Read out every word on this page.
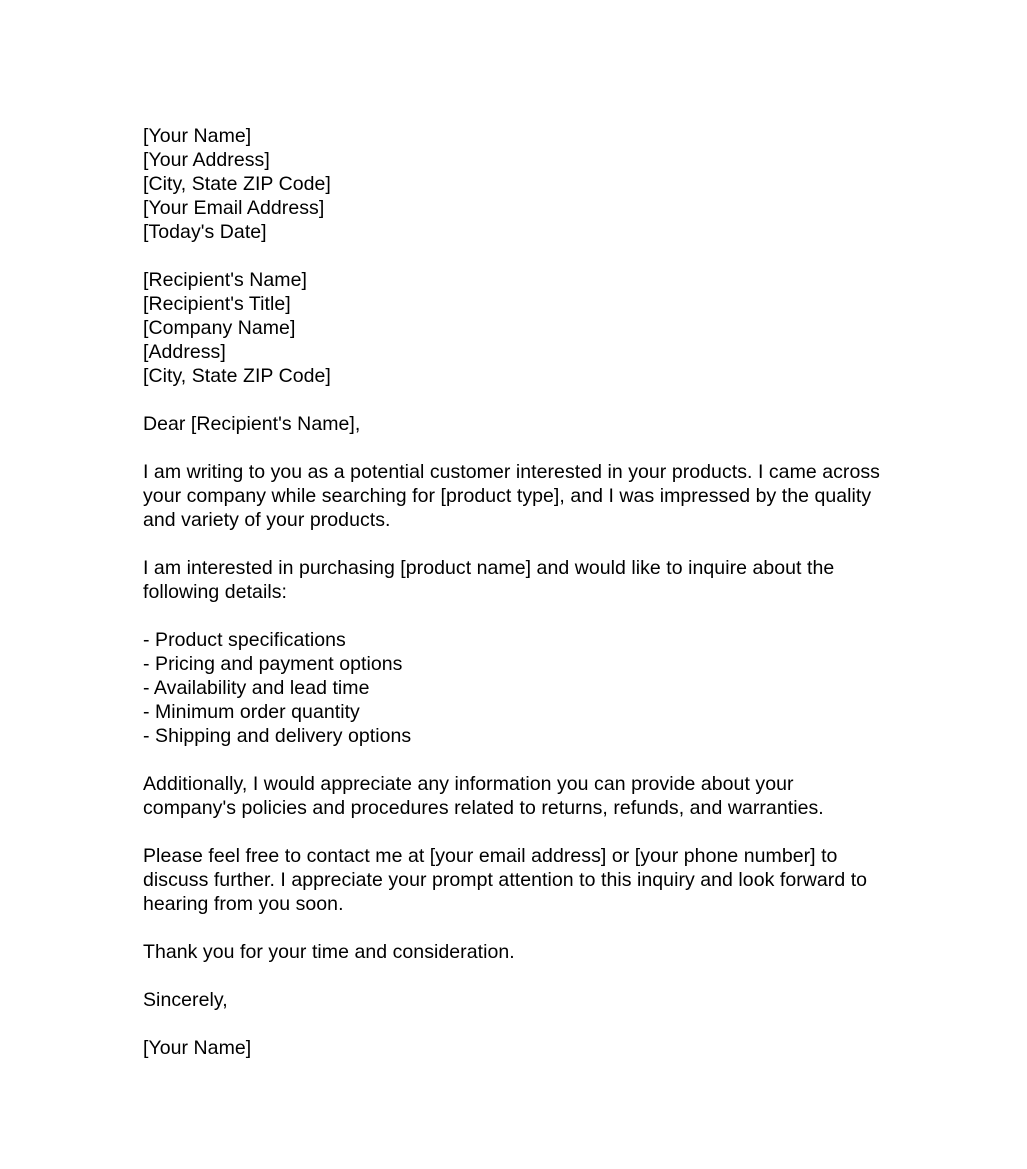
[Your Name]
[Your Address]
[City, State ZIP Code]
[Your Email Address]
[Today's Date]
[Recipient's Name]
[Recipient's Title]
[Company Name]
[Address]
[City, State ZIP Code]
Dear [Recipient's Name],
I am writing to you as a potential customer interested in your products. I came across your company while searching for [product type], and I was impressed by the quality and variety of your products.
I am interested in purchasing [product name] and would like to inquire about the following details:
- Product specifications
- Pricing and payment options
- Availability and lead time
- Minimum order quantity
- Shipping and delivery options
Additionally, I would appreciate any information you can provide about your company's policies and procedures related to returns, refunds, and warranties.
Please feel free to contact me at [your email address] or [your phone number] to discuss further. I appreciate your prompt attention to this inquiry and look forward to hearing from you soon.
Thank you for your time and consideration.
Sincerely,
[Your Name]
